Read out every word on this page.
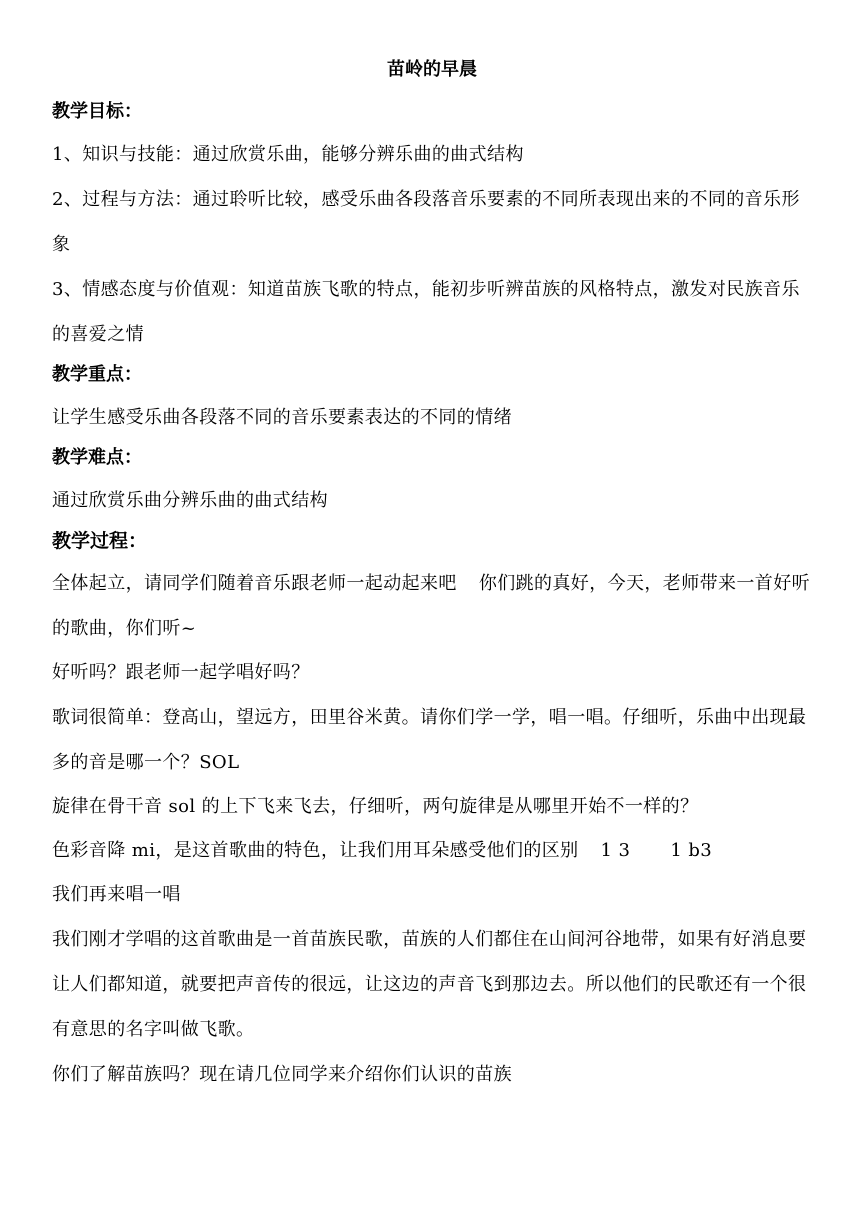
苗岭的早晨
教学目标：

1、知识与技能：通过欣赏乐曲，能够分辨乐曲的曲式结构

2、过程与方法：通过聆听比较，感受乐曲各段落音乐要素的不同所表现出来的不同的音乐形象

3、情感态度与价值观：知道苗族飞歌的特点，能初步听辨苗族的风格特点，激发对民族音乐的喜爱之情

教学重点：

让学生感受乐曲各段落不同的音乐要素表达的不同的情绪

教学难点：

通过欣赏乐曲分辨乐曲的曲式结构

教学过程：

全体起立，请同学们随着音乐跟老师一起动起来吧 你们跳的真好，今天，老师带来一首好听的歌曲，你们听~

好听吗？跟老师一起学唱好吗？

歌词很简单：登高山，望远方，田里谷米黄。请你们学一学，唱一唱。仔细听，乐曲中出现最多的音是哪一个？SOL

旋律在骨干音 sol 的上下飞来飞去，仔细听，两句旋律是从哪里开始不一样的？

色彩音降 mi，是这首歌曲的特色，让我们用耳朵感受他们的区别 1 3 1 b3

我们再来唱一唱

我们刚才学唱的这首歌曲是一首苗族民歌，苗族的人们都住在山间河谷地带，如果有好消息要让人们都知道，就要把声音传的很远，让这边的声音飞到那边去。所以他们的民歌还有一个很有意思的名字叫做飞歌。

你们了解苗族吗？现在请几位同学来介绍你们认识的苗族
